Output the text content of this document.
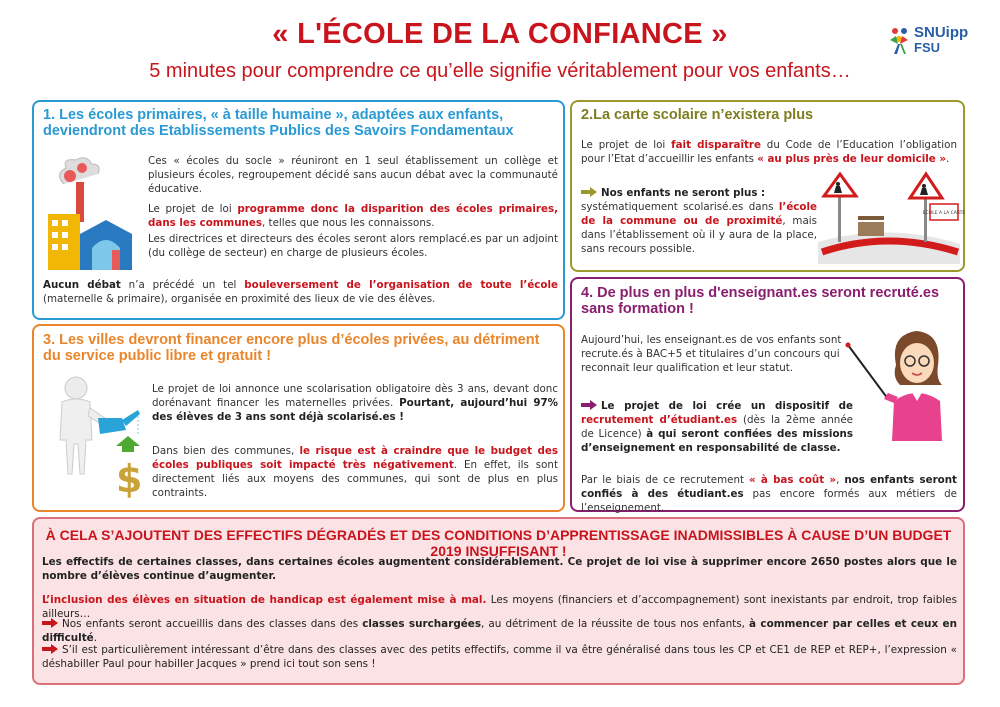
« L'ÉCOLE DE LA CONFIANCE »
5 minutes pour comprendre ce qu’elle signifie véritablement pour vos enfants…
SNUipp
FSU
1. Les écoles primaires, « à taille humaine », adaptées aux enfants, deviendront des Etablissements Publics des Savoirs Fondamentaux
Ces « écoles du socle » réuniront en 1 seul établissement un collège et plusieurs écoles, regroupement décidé sans aucun débat avec la communauté éducative.
Le projet de loi programme donc la disparition des écoles primaires, dans les communes, telles que nous les connaissons.
Les directrices et directeurs des écoles seront alors remplacé.es par un adjoint (du collège de secteur) en charge de plusieurs écoles.
Aucun débat n’a précédé un tel bouleversement de l’organisation de toute l’école (maternelle & primaire), organisée en proximité des lieux de vie des élèves.
2.La carte scolaire n’existera plus
Le projet de loi fait disparaître du Code de l’Education l’obligation pour l’Etat d’accueillir les enfants « au plus près de leur domicile ».
Nos enfants ne seront plus :
systématiquement scolarisé.es dans l’école de la commune ou de proximité, mais dans l’établissement où il y aura de la place, sans recours possible.
ECOLE A LA CARTE
3. Les villes devront financer encore plus d’écoles privées, au détriment du service public libre et gratuit !
$
Le projet de loi annonce une scolarisation obligatoire dès 3 ans, devant donc dorénavant financer les maternelles privées. Pourtant, aujourd’hui 97% des élèves de 3 ans sont déjà scolarisé.es !
Dans bien des communes, le risque est à craindre que le budget des écoles publiques soit impacté très négativement. En effet, ils sont directement liés aux moyens des communes, qui sont de plus en plus contraints.
4. De plus en plus d'enseignant.es seront recruté.es sans formation !
Aujourd’hui, les enseignant.es de vos enfants sont recrute.és à BAC+5 et titulaires d’un concours qui reconnait leur qualification et leur statut.
Le projet de loi crée un dispositif de recrutement d’étudiant.es (dès la 2ème année de Licence) à qui seront confiées des missions d’enseignement en responsabilité de classe.
Par le biais de ce recrutement « à bas coût », nos enfants seront confiés à des étudiant.es pas encore formés aux métiers de l’enseignement.
À CELA S’AJOUTENT DES EFFECTIFS DÉGRADÉS ET DES CONDITIONS D’APPRENTISSAGE INADMISSIBLES À CAUSE D’UN BUDGET 2019 INSUFFISANT !
Les effectifs de certaines classes, dans certaines écoles augmentent considérablement. Ce projet de loi vise à supprimer encore 2650 postes alors que le nombre d’élèves continue d’augmenter.
L’inclusion des élèves en situation de handicap est également mise à mal. Les moyens (financiers et d’accompagnement) sont inexistants par endroit, trop faibles ailleurs…
Nos enfants seront accueillis dans des classes dans des classes surchargées, au détriment de la réussite de tous nos enfants, à commencer par celles et ceux en difficulté.
S’il est particulièrement intéressant d’être dans des classes avec des petits effectifs, comme il va être généralisé dans tous les CP et CE1 de REP et REP+, l’expression « déshabiller Paul pour habiller Jacques » prend ici tout son sens !
